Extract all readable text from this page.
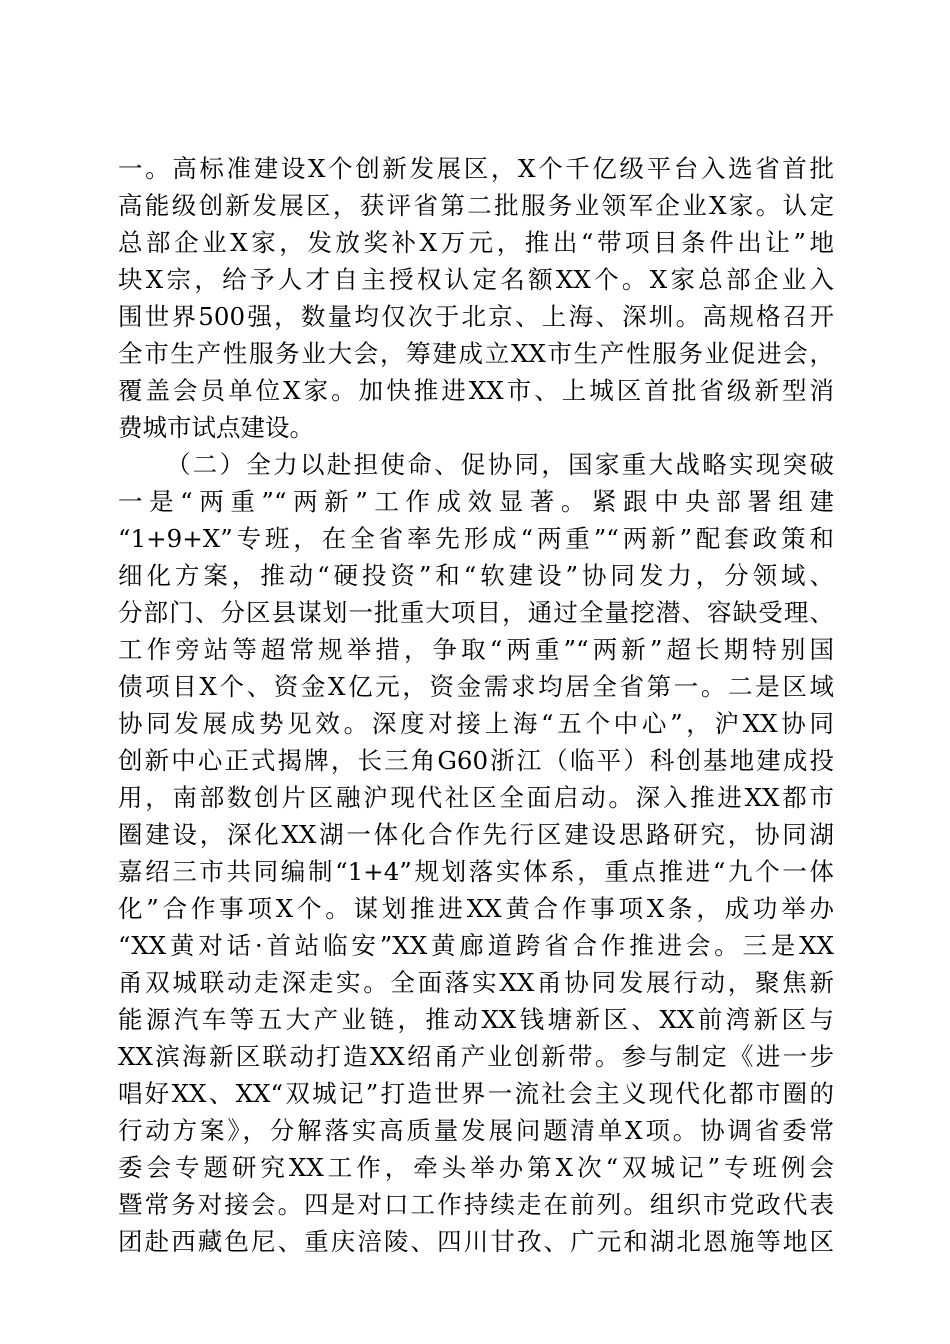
一。高标准建设X个创新发展区，X个千亿级平台入选省首批
高能级创新发展区，获评省第二批服务业领军企业X家。认定
总部企业X家，发放奖补X万元，推出“带项目条件出让”地
块X宗，给予人才自主授权认定名额XX个。X家总部企业入
围世界500强，数量均仅次于北京、上海、深圳。高规格召开
全市生产性服务业大会，筹建成立XX市生产性服务业促进会，
覆盖会员单位X家。加快推进XX市、上城区首批省级新型消
费城市试点建设。
（二）全力以赴担使命、促协同，国家重大战略实现突破
一是“两重”“两新”工作成效显著。紧跟中央部署组建
“1+9+X”专班，在全省率先形成“两重”“两新”配套政策和
细化方案，推动“硬投资”和“软建设”协同发力，分领域、
分部门、分区县谋划一批重大项目，通过全量挖潜、容缺受理、
工作旁站等超常规举措，争取“两重”“两新”超长期特别国
债项目X个、资金X亿元，资金需求均居全省第一。二是区域
协同发展成势见效。深度对接上海“五个中心”，沪XX协同
创新中心正式揭牌，长三角G60浙江（临平）科创基地建成投
用，南部数创片区融沪现代社区全面启动。深入推进XX都市
圈建设，深化XX湖一体化合作先行区建设思路研究，协同湖
嘉绍三市共同编制“1+4”规划落实体系，重点推进“九个一体
化”合作事项X个。谋划推进XX黄合作事项X条，成功举办
“XX黄对话·首站临安”XX黄廊道跨省合作推进会。三是XX
甬双城联动走深走实。全面落实XX甬协同发展行动，聚焦新
能源汽车等五大产业链，推动XX钱塘新区、XX前湾新区与
XX滨海新区联动打造XX绍甬产业创新带。参与制定《进一步
唱好XX、XX“双城记”打造世界一流社会主义现代化都市圈的
行动方案》，分解落实高质量发展问题清单X项。协调省委常
委会专题研究XX工作，牵头举办第X次“双城记”专班例会
暨常务对接会。四是对口工作持续走在前列。组织市党政代表
团赴西藏色尼、重庆涪陵、四川甘孜、广元和湖北恩施等地区
